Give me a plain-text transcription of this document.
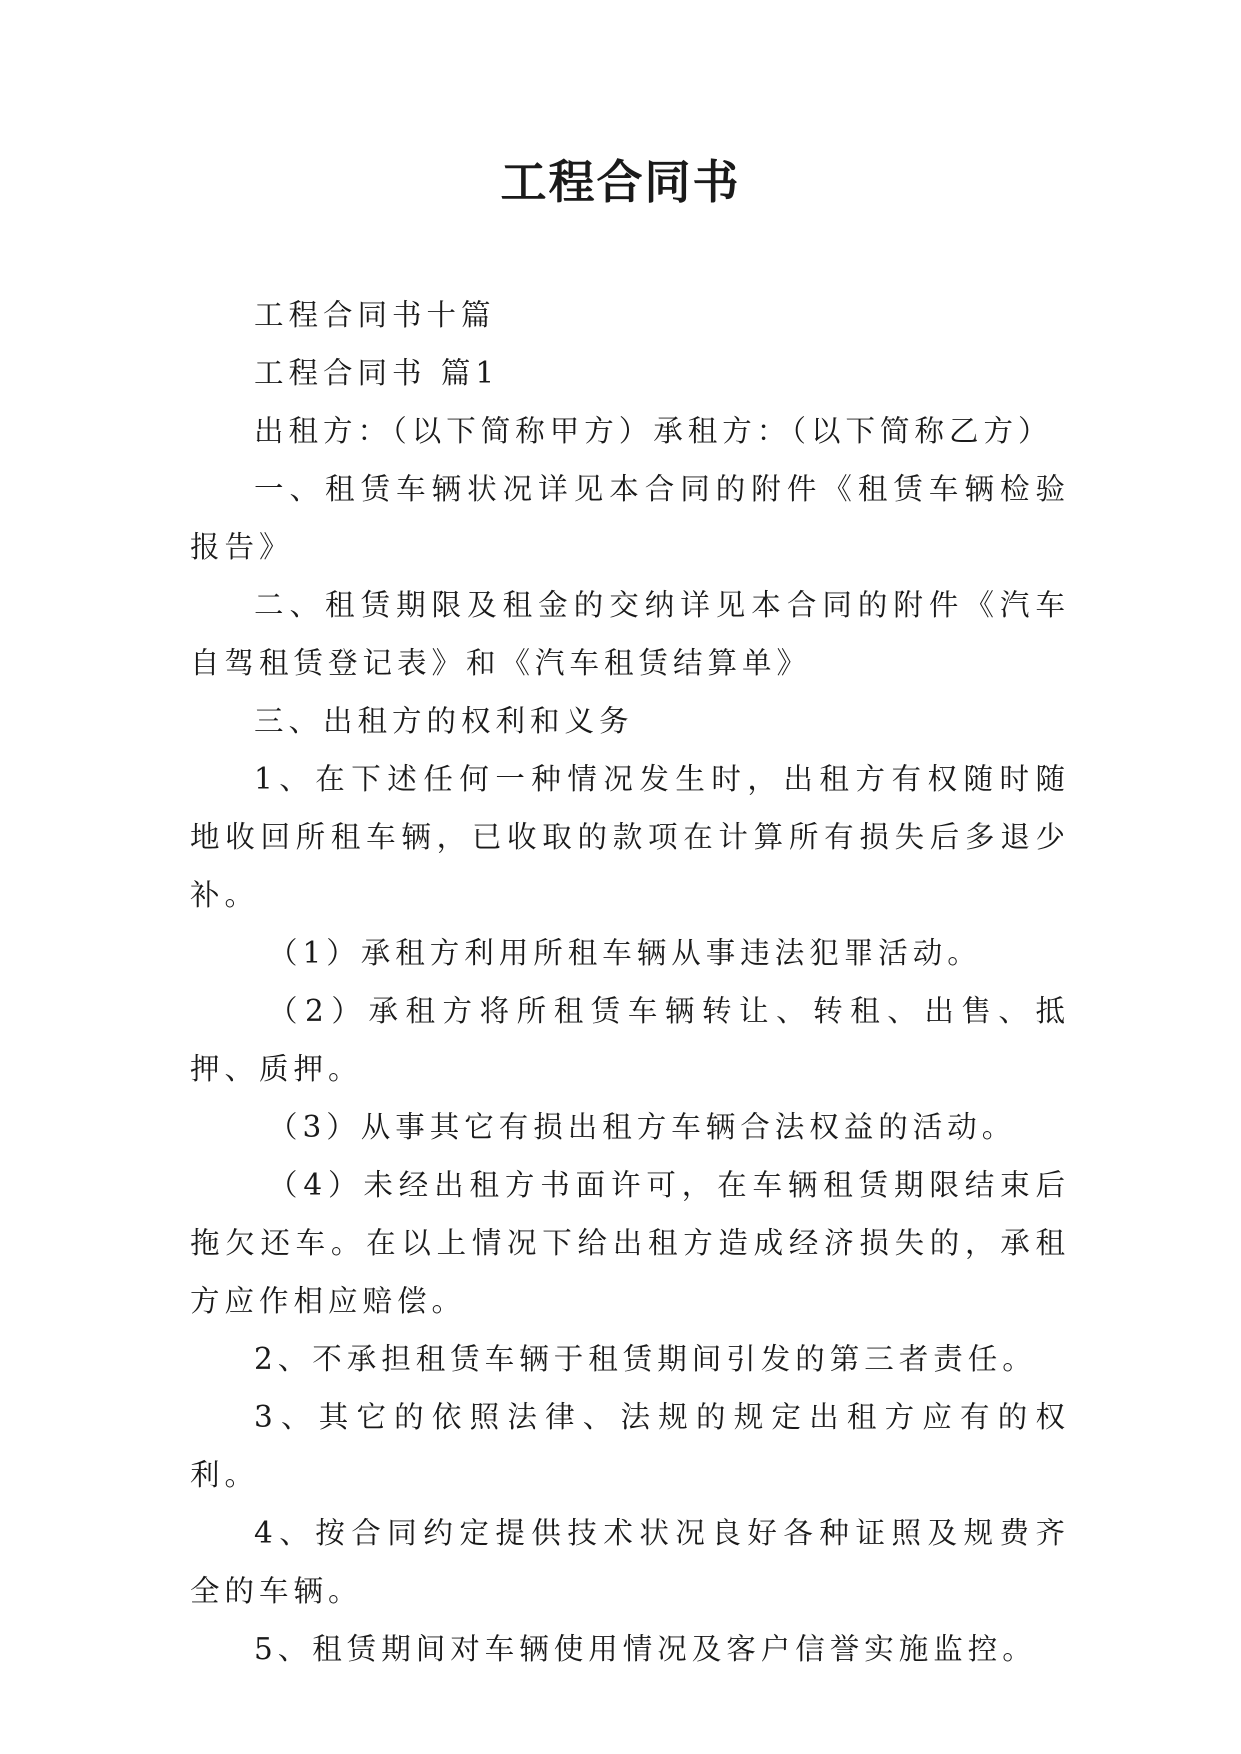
工程合同书

工程合同书十篇

工程合同书 篇1

出租方：（以下简称甲方）承租方：（以下简称乙方）

一、租赁车辆状况详见本合同的附件《租赁车辆检验报告》

二、租赁期限及租金的交纳详见本合同的附件《汽车自驾租赁登记表》和《汽车租赁结算单》

三、出租方的权利和义务

1、在下述任何一种情况发生时，出租方有权随时随地收回所租车辆，已收取的款项在计算所有损失后多退少补。

（1）承租方利用所租车辆从事违法犯罪活动。

（2）承租方将所租赁车辆转让、转租、出售、抵押、质押。

（3）从事其它有损出租方车辆合法权益的活动。

（4）未经出租方书面许可，在车辆租赁期限结束后拖欠还车。在以上情况下给出租方造成经济损失的，承租方应作相应赔偿。

2、不承担租赁车辆于租赁期间引发的第三者责任。

3、其它的依照法律、法规的规定出租方应有的权利。

4、按合同约定提供技术状况良好各种证照及规费齐全的车辆。

5、租赁期间对车辆使用情况及客户信誉实施监控。
